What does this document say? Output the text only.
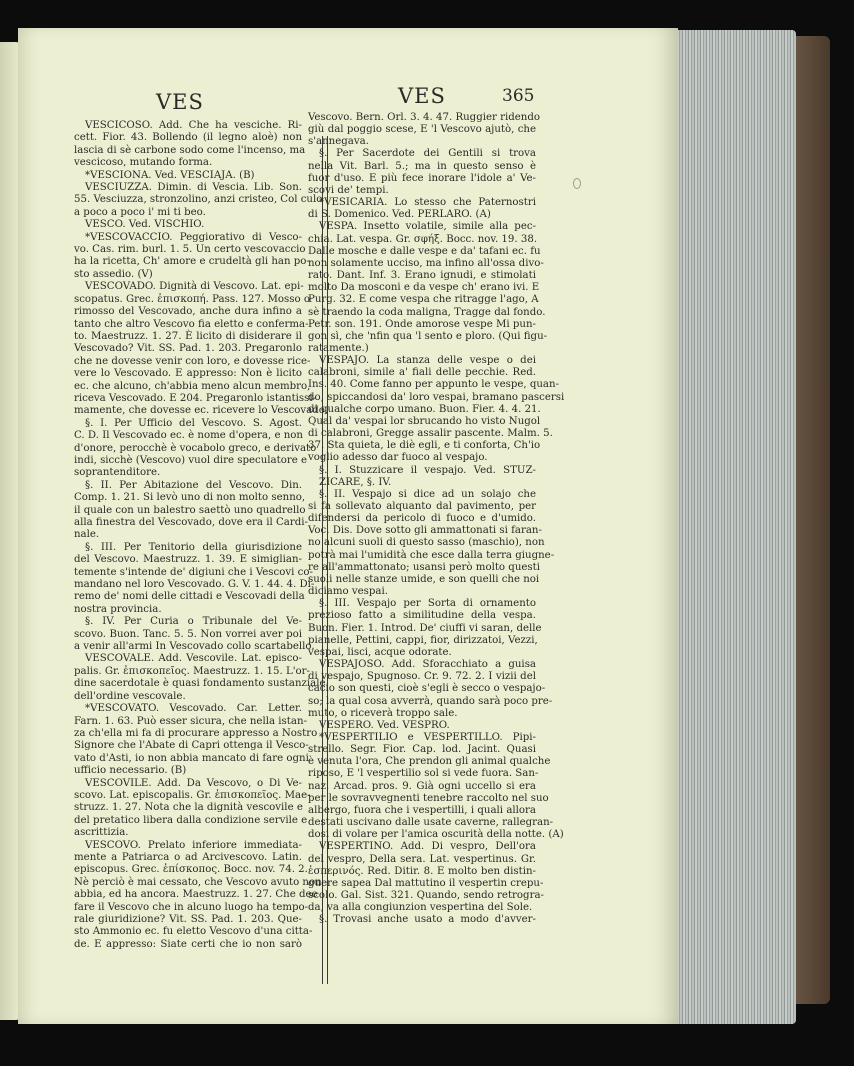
VES	VES	365
VESCICOSO. Add. Che ha vesciche. Ri-
cett. Fior. 43. Bollendo (il legno aloè) non
lascia di sè carbone sodo come l'incenso, ma
vescicoso, mutando forma.
*VESCIONA. Ved. VESCIAJA. (B)
VESCIUZZA. Dimin. di Vescia. Lib. Son.
55. Vesciuzza, stronzolino, anzi cristeo, Col culo
a poco a poco i' mi ti beo.
VESCO. Ved. VISCHIO.
*VESCOVACCIO. Peggiorativo di Vesco-
vo. Cas. rim. burl. 1. 5. Un certo vescovaccio
ha la ricetta, Ch' amore e crudeltà gli han po-
sto assedio. (V)
VESCOVADO. Dignità di Vescovo. Lat. epi-
scopatus. Grec. ἐπισκοπή. Pass. 127. Mosso o
rimosso del Vescovado, anche dura infino a
tanto che altro Vescovo fia eletto e conferma-
to. Maestruzz. 1. 27. È licito di disiderare il
Vescovado? Vit. SS. Pad. 1. 203. Pregaronlo
che ne dovesse venir con loro, e dovesse rice-
vere lo Vescovado. E appresso: Non è licito
ec. che alcuno, ch'abbia meno alcun membro,
riceva Vescovado. E 204. Pregaronlo istantissi-
mamente, che dovesse ec. ricevere lo Vescovado.
§. I. Per Ufficio del Vescovo. S. Agost.
C. D. Il Vescovado ec. è nome d'opera, e non
d'onore, perocchè è vocabolo greco, e derivato
indi, sicchè (Vescovo) vuol dire speculatore e
soprantenditore.
§. II. Per Abitazione del Vescovo. Din.
Comp. 1. 21. Si levò uno di non molto senno,
il quale con un balestro saettò uno quadrello
alla finestra del Vescovado, dove era il Cardi-
nale.
§. III. Per Tenitorio della giurisdizione
del Vescovo. Maestruzz. 1. 39. E simiglian-
temente s'intende de' digiuni che i Vescovi co-
mandano nel loro Vescovado. G. V. 1. 44. 4. Di-
remo de' nomi delle cittadi e Vescovadi della
nostra provincia.
§. IV. Per Curia o Tribunale del Ve-
scovo. Buon. Tanc. 5. 5. Non vorrei aver poi
a venir all'armi In Vescovado collo scartabello.
VESCOVALE. Add. Vescovile. Lat. episco-
palis. Gr. ἐπισκοπεῖος. Maestruzz. 1. 15. L'or-
dine sacerdotale è quasi fondamento sustanziale
dell'ordine vescovale.
*VESCOVATO. Vescovado. Car. Letter.
Farn. 1. 63. Può esser sicura, che nella istan-
za ch'ella mi fa di procurare appresso a Nostro
Signore che l'Abate di Capri ottenga il Vesco-
vato d'Asti, io non abbia mancato di fare ogni
ufficio necessario. (B)
VESCOVILE. Add. Da Vescovo, o Di Ve-
scovo. Lat. episcopalis. Gr. ἐπισκοπεῖος. Mae-
struzz. 1. 27. Nota che la dignità vescovile e
del pretatico libera dalla condizione servile e
ascrittizia.
VESCOVO. Prelato inferiore immediata-
mente a Patriarca o ad Arcivescovo. Latin.
episcopus. Grec. ἐπίσκοπος. Bocc. nov. 74. 2.
Nè perciò è mai cessato, che Vescovo avuto non
abbia, ed ha ancora. Maestruzz. 1. 27. Che dee
fare il Vescovo che in alcuno luogo ha tempo-
rale giuridizione? Vit. SS. Pad. 1. 203. Que-
sto Ammonio ec. fu eletto Vescovo d'una citta-
de. E appresso: Siate certi che io non sarò
Vescovo. Bern. Orl. 3. 4. 47. Ruggier ridendo
giù dal poggio scese, E 'l Vescovo ajutò, che
s'annegava.
§. Per Sacerdote dei Gentili si trova
nella Vit. Barl. 5.; ma in questo senso è
fuor d'uso. E più fece inorare l'idole a' Ve-
scovi de' tempi.
*VESICARIA. Lo stesso che Paternostri
di S. Domenico. Ved. PERLARO. (A)
VESPA. Insetto volatile, simile alla pec-
chia. Lat. vespa. Gr. σφήξ. Bocc. nov. 19. 38.
Dalle mosche e dalle vespe e da' tafani ec. fu
non solamente ucciso, ma infino all'ossa divo-
rato. Dant. Inf. 3. Erano ignudi, e stimolati
molto Da mosconi e da vespe ch' erano ivi. E
Purg. 32. E come vespa che ritragge l'ago, A
sè traendo la coda maligna, Tragge dal fondo.
Petr. son. 191. Onde amorose vespe Mi pun-
gon sì, che 'nfin qua 'l sento e ploro. (Qui figu-
ratamente.)
VESPAJO. La stanza delle vespe o dei
calabroni, simile a' fiali delle pecchie. Red.
Ins. 40. Come fanno per appunto le vespe, quan-
do, spiccandosi da' loro vespai, bramano pascersi
di qualche corpo umano. Buon. Fier. 4. 4. 21.
Qual da' vespai lor sbrucando ho visto Nugol
di calabroni, Gregge assalir pascente. Malm. 5.
37. Sta quieta, le diè egli, e ti conforta, Ch'io
voglio adesso dar fuoco al vespajo.
§. I. Stuzzicare il vespajo. Ved. STUZ-
ZICARE, §. IV.
§. II. Vespajo si dice ad un solajo che
si fa sollevato alquanto dal pavimento, per
difendersi da pericolo di fuoco e d'umido.
Voc. Dis. Dove sotto gli ammattonati si faran-
no alcuni suoli di questo sasso (maschio), non
potrà mai l'umidità che esce dalla terra giugne-
re all'ammattonato; usansi però molto questi
suoli nelle stanze umide, e son quelli che noi
diciamo vespai.
§. III. Vespajo per Sorta di ornamento
prezioso fatto a similitudine della vespa.
Buon. Fier. 1. Introd. De' ciuffi vi saran, delle
pianelle, Pettini, cappi, fior, dirizzatoi, Vezzi,
vespai, lisci, acque odorate.
VESPAJOSO. Add. Sforacchiato a guisa
di vespajo, Spugnoso. Cr. 9. 72. 2. I vizii del
cacio son questi, cioè s'egli è secco o vespajo-
so; la qual cosa avverrà, quando sarà poco pre-
muto, o riceverà troppo sale.
VESPERO. Ved. VESPRO.
*VESPERTILIO e VESPERTILLO. Pipi-
strello. Segr. Fior. Cap. lod. Jacint. Quasi
è venuta l'ora, Che prendon gli animal qualche
riposo, E 'l vespertilio sol si vede fuora. San-
naz. Arcad. pros. 9. Già ogni uccello si era
per le sovravvegnenti tenebre raccolto nel suo
albergo, fuora che i vespertilli, i quali allora
destati uscivano dalle usate caverne, rallegran-
dosi di volare per l'amica oscurità della notte. (A)
VESPERTINO. Add. Di vespro, Dell'ora
del vespro, Della sera. Lat. vespertinus. Gr.
ἑσπερινός. Red. Ditir. 8. E molto ben distin-
guere sapea Dal mattutino il vespertin crepu-
scolo. Gal. Sist. 321. Quando, sendo retrogra-
da, va alla congiunzion vespertina del Sole.
§. Trovasi anche usato a modo d'avver-
